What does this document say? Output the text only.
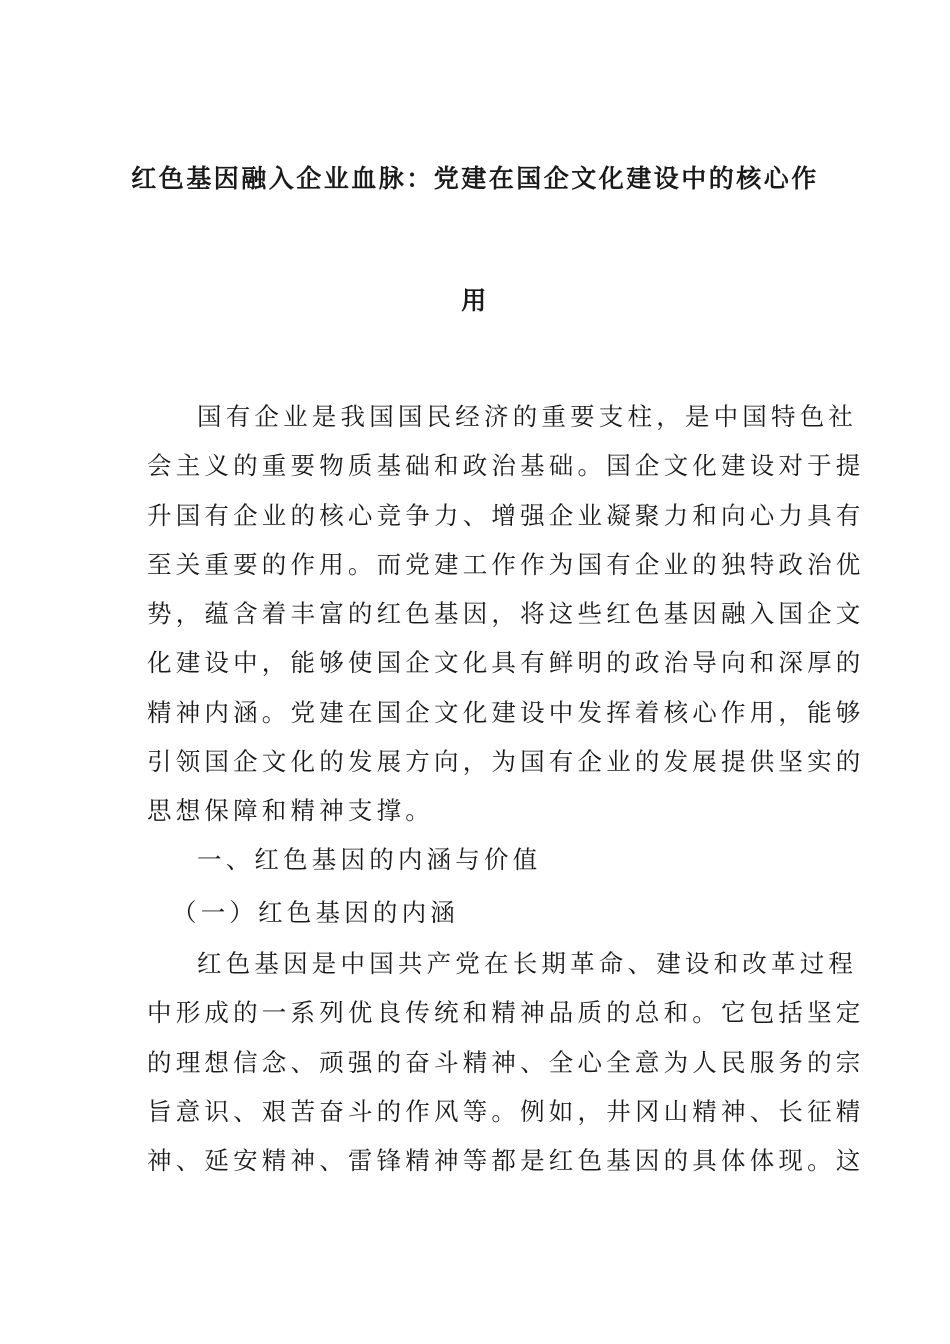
红色基因融入企业血脉：党建在国企文化建设中的核心作
用
国有企业是我国国民经济的重要支柱，是中国特色社
会主义的重要物质基础和政治基础。国企文化建设对于提
升国有企业的核心竞争力、增强企业凝聚力和向心力具有
至关重要的作用。而党建工作作为国有企业的独特政治优
势，蕴含着丰富的红色基因，将这些红色基因融入国企文
化建设中，能够使国企文化具有鲜明的政治导向和深厚的
精神内涵。党建在国企文化建设中发挥着核心作用，能够
引领国企文化的发展方向，为国有企业的发展提供坚实的
思想保障和精神支撑。
一、红色基因的内涵与价值
（一）红色基因的内涵
红色基因是中国共产党在长期革命、建设和改革过程
中形成的一系列优良传统和精神品质的总和。它包括坚定
的理想信念、顽强的奋斗精神、全心全意为人民服务的宗
旨意识、艰苦奋斗的作风等。例如，井冈山精神、长征精
神、延安精神、雷锋精神等都是红色基因的具体体现。这
